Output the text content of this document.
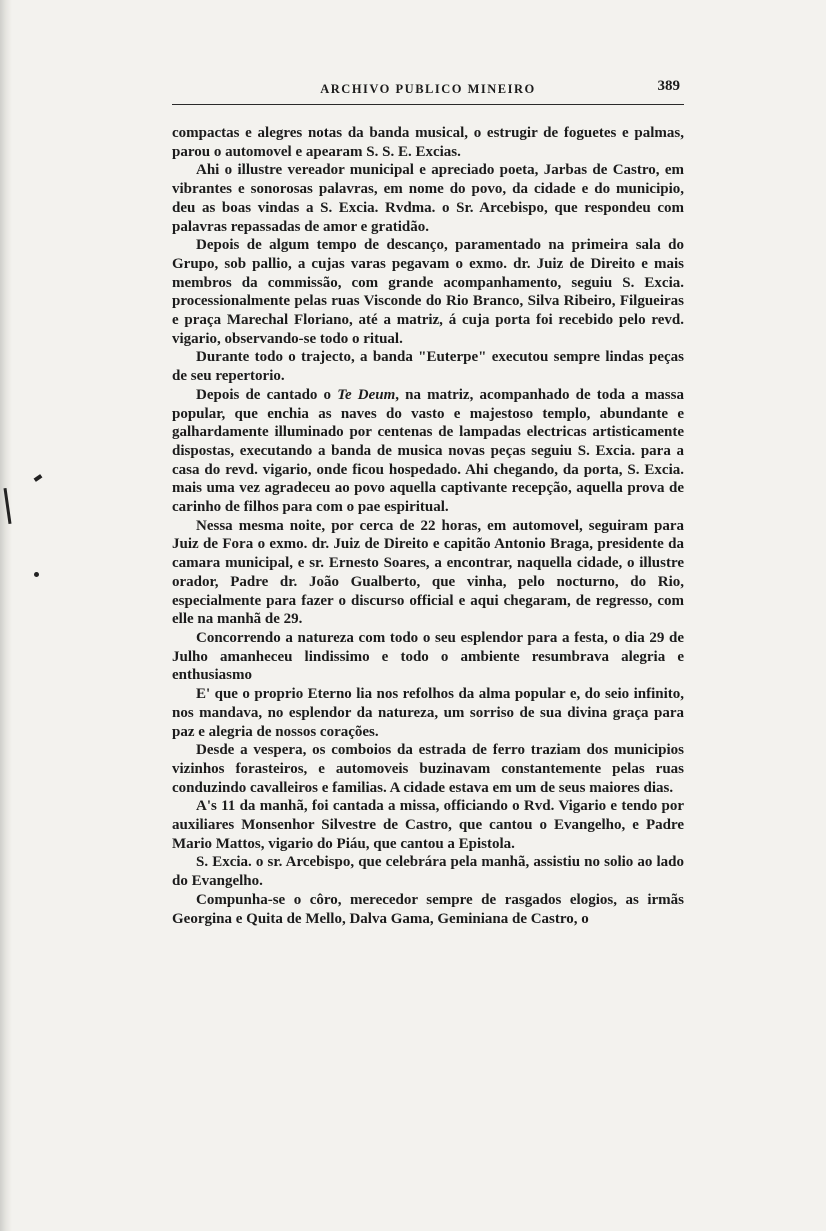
ARCHIVO PUBLICO MINEIRO	389

compactas e alegres notas da banda musical, o estrugir de foguetes e palmas, parou o automovel e apearam S. S. E. Excias.

Ahi o illustre vereador municipal e apreciado poeta, Jarbas de Castro, em vibrantes e sonorosas palavras, em nome do povo, da cidade e do municipio, deu as boas vindas a S. Excia. Rvdma. o Sr. Arcebispo, que respondeu com palavras repassadas de amor e gratidão.

Depois de algum tempo de descanço, paramentado na primeira sala do Grupo, sob pallio, a cujas varas pegavam o exmo. dr. Juiz de Direito e mais membros da commissão, com grande acompanhamento, seguiu S. Excia. processionalmente pelas ruas Visconde do Rio Branco, Silva Ribeiro, Filgueiras e praça Marechal Floriano, até a matriz, á cuja porta foi recebido pelo revd. vigario, observando-se todo o ritual.

Durante todo o trajecto, a banda "Euterpe" executou sempre lindas peças de seu repertorio.

Depois de cantado o Te Deum, na matriz, acompanhado de toda a massa popular, que enchia as naves do vasto e majestoso templo, abundante e galhardamente illuminado por centenas de lampadas electricas artisticamente dispostas, executando a banda de musica novas peças seguiu S. Excia. para a casa do revd. vigario, onde ficou hospedado. Ahi chegando, da porta, S. Excia. mais uma vez agradeceu ao povo aquella captivante recepção, aquella prova de carinho de filhos para com o pae espiritual.

Nessa mesma noite, por cerca de 22 horas, em automovel, seguiram para Juiz de Fora o exmo. dr. Juiz de Direito e capitão Antonio Braga, presidente da camara municipal, e sr. Ernesto Soares, a encontrar, naquella cidade, o illustre orador, Padre dr. João Gualberto, que vinha, pelo nocturno, do Rio, especialmente para fazer o discurso official e aqui chegaram, de regresso, com elle na manhã de 29.

Concorrendo a natureza com todo o seu esplendor para a festa, o dia 29 de Julho amanheceu lindissimo e todo o ambiente resumbrava alegria e enthusiasmo

E' que o proprio Eterno lia nos refolhos da alma popular e, do seio infinito, nos mandava, no esplendor da natureza, um sorriso de sua divina graça para paz e alegria de nossos corações.

Desde a vespera, os comboios da estrada de ferro traziam dos municipios vizinhos forasteiros, e automoveis buzinavam constantemente pelas ruas conduzindo cavalleiros e familias. A cidade estava em um de seus maiores dias.

A's 11 da manhã, foi cantada a missa, officiando o Rvd. Vigario e tendo por auxiliares Monsenhor Silvestre de Castro, que cantou o Evangelho, e Padre Mario Mattos, vigario do Piáu, que cantou a Epistola.

S. Excia. o sr. Arcebispo, que celebrára pela manhã, assistiu no solio ao lado do Evangelho.

Compunha-se o côro, merecedor sempre de rasgados elogios, as irmãs Georgina e Quita de Mello, Dalva Gama, Geminiana de Castro, o
